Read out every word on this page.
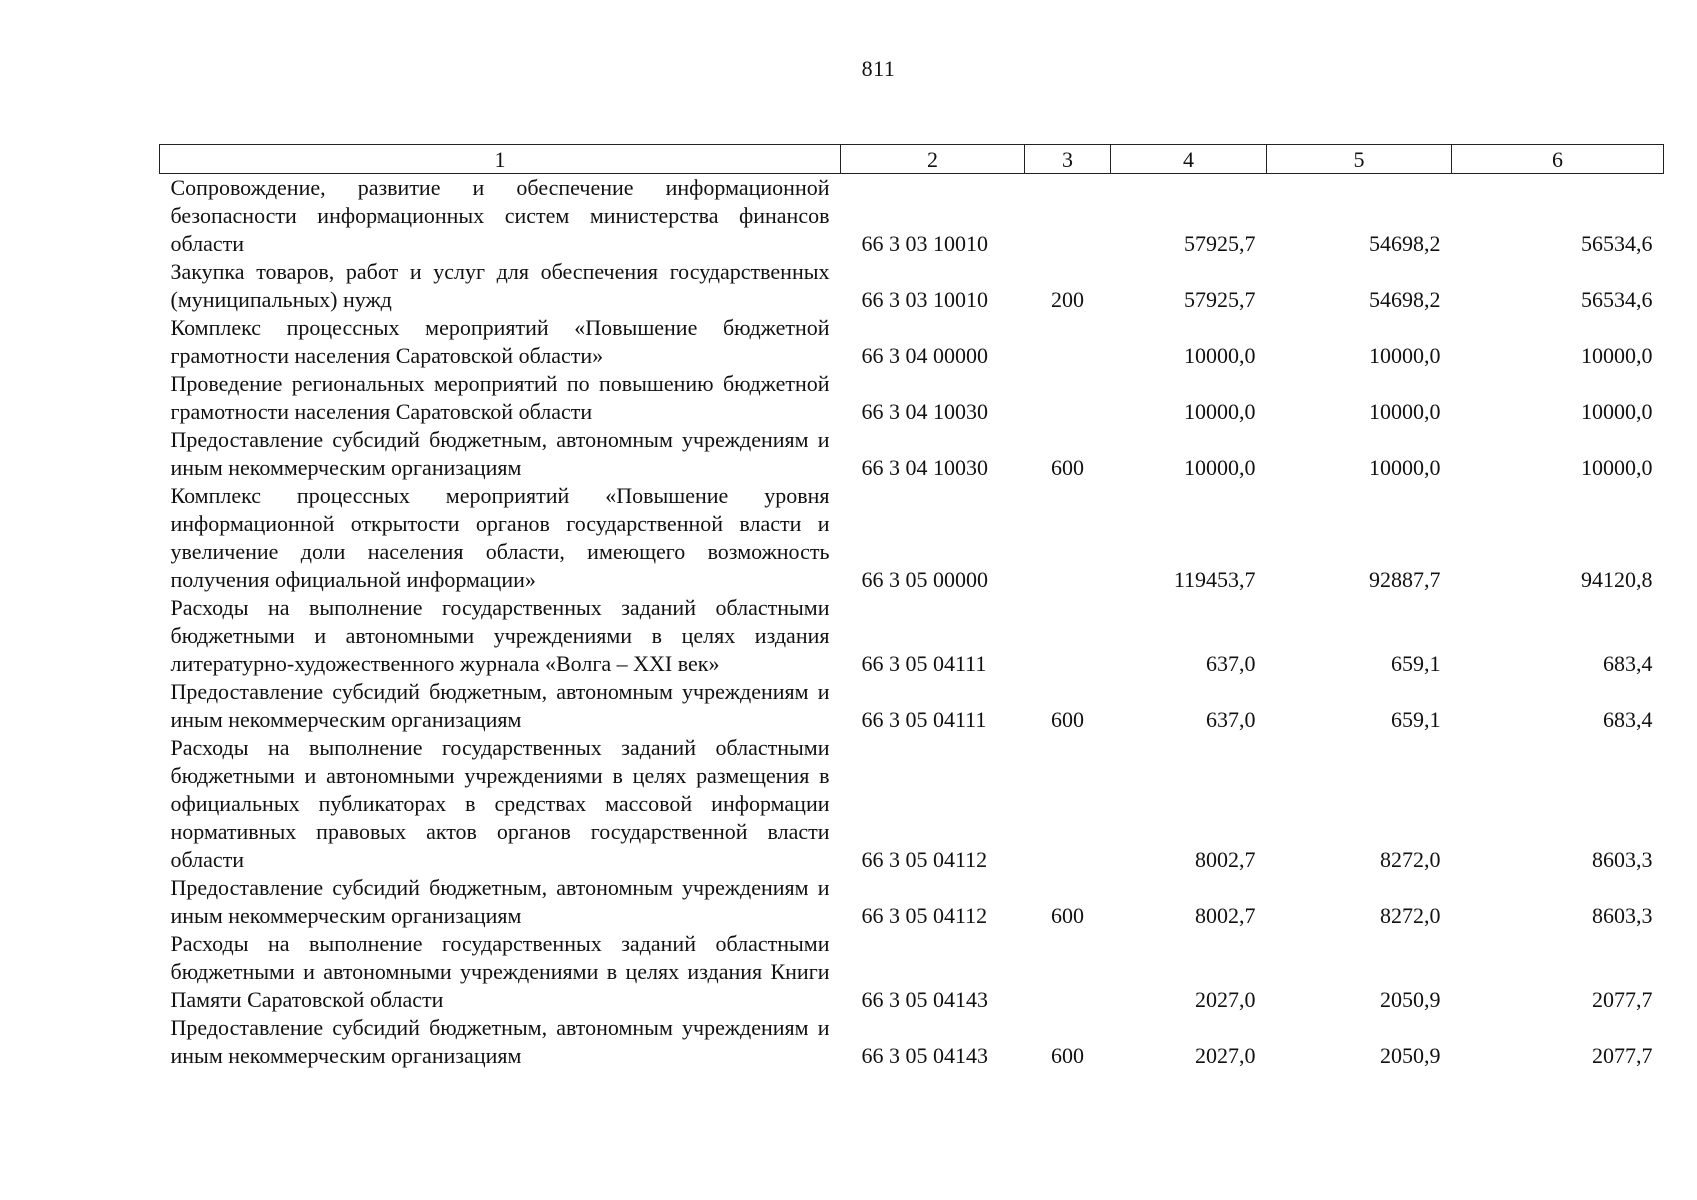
811
1	2	3	4	5	6
Сопровождение, развитие и обеспечение информационной безопасности информационных систем министерства финансов области	66 3 03 10010		57925,7	54698,2	56534,6
Закупка товаров, работ и услуг для обеспечения государственных (муниципальных) нужд	66 3 03 10010	200	57925,7	54698,2	56534,6
Комплекс процессных мероприятий «Повышение бюджетной грамотности населения Саратовской области»	66 3 04 00000		10000,0	10000,0	10000,0
Проведение региональных мероприятий по повышению бюджетной грамотности населения Саратовской области	66 3 04 10030		10000,0	10000,0	10000,0
Предоставление субсидий бюджетным, автономным учреждениям и иным некоммерческим организациям	66 3 04 10030	600	10000,0	10000,0	10000,0
Комплекс процессных мероприятий «Повышение уровня информационной открытости органов государственной власти и увеличение доли населения области, имеющего возможность получения официальной информации»	66 3 05 00000		119453,7	92887,7	94120,8
Расходы на выполнение государственных заданий областными бюджетными и автономными учреждениями в целях издания литературно-художественного журнала «Волга – XXI век»	66 3 05 04111		637,0	659,1	683,4
Предоставление субсидий бюджетным, автономным учреждениям и иным некоммерческим организациям	66 3 05 04111	600	637,0	659,1	683,4
Расходы на выполнение государственных заданий областными бюджетными и автономными учреждениями в целях размещения в официальных публикаторах в средствах массовой информации нормативных правовых актов органов государственной власти области	66 3 05 04112		8002,7	8272,0	8603,3
Предоставление субсидий бюджетным, автономным учреждениям и иным некоммерческим организациям	66 3 05 04112	600	8002,7	8272,0	8603,3
Расходы на выполнение государственных заданий областными бюджетными и автономными учреждениями в целях издания Книги Памяти Саратовской области	66 3 05 04143		2027,0	2050,9	2077,7
Предоставление субсидий бюджетным, автономным учреждениям и иным некоммерческим организациям	66 3 05 04143	600	2027,0	2050,9	2077,7
